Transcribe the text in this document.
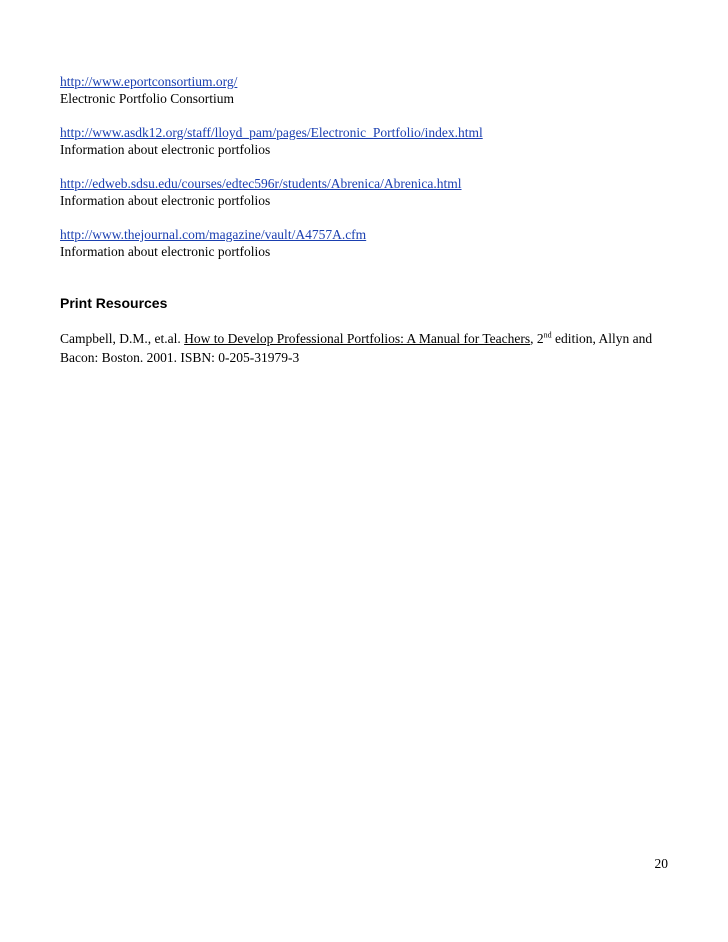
http://www.eportconsortium.org/
Electronic Portfolio Consortium
http://www.asdk12.org/staff/lloyd_pam/pages/Electronic_Portfolio/index.html
Information about electronic portfolios
http://edweb.sdsu.edu/courses/edtec596r/students/Abrenica/Abrenica.html
Information about electronic portfolios
http://www.thejournal.com/magazine/vault/A4757A.cfm
Information about electronic portfolios
Print Resources

Campbell, D.M., et.al. How to Develop Professional Portfolios: A Manual for Teachers, 2nd edition, Allyn and Bacon: Boston. 2001. ISBN: 0-205-31979-3

20
